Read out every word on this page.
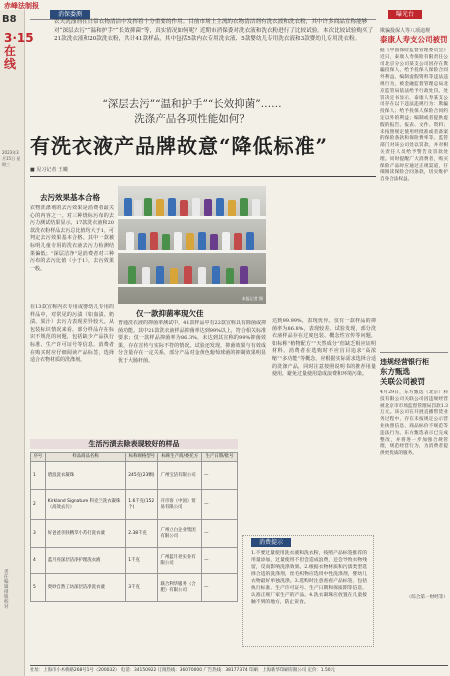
赤峰法制报
B8
3·15在线
2023年3月15日 星期三
责任编辑 排版 校对
消保委测
农夫洗涤剂在日常衣物清洁中发挥着十分重要的作用。目前市场上主流的衣物清洁剂有洗衣液和洗衣粉，其中许多商品宣称能够对“深层去污”“温和护手”“长效抑菌”等，真实情况如何呢？近期市消保委对洗衣液和洗衣粉进行了比较试验。本次比较试验购买了21款洗衣液和20款洗衣粉，共计41款样品，其中包括5款内衣专用洗衣液、5款婴幼儿专用洗衣液和3款婴幼儿专用洗衣粉。
“深层去污”“温和护手”“长效抑菌”……
洗涤产品各项性能如何？
有洗衣液产品牌故意“降低标准”
■ 见习记者 王曦
去污效果基本合格
农物洗涤剂的去污效果是消费者最关心的内容之一。对三种烧标污布的去污力测试结果显示，17款洗衣液和20款洗衣粉样品去污总比值均大于1，可判定去污效果基本合格。其中一款被标明儿童专用的洗衣液去污力检测结果偏低；“深层洁净”是消费者对三种污布的去污比值（小于1），去污效果一般。
在13款宣称内衣专用或婴幼儿专用的样品中，对常见的污渍（如血渍、奶渍、果汁）去污力表现差异较大。从包装标识情况来看，部分样品存在标识不规范的问题，包括缺少产品执行标准、生产许可证号等信息。消费者在购买时应仔细阅读产品标签，选择适合衣物材质的洗涤剂。
本报记者 摄
仅一款抑菌率现欠佳
普通洗衣液的抑菌率测试中，41款样品中有22款宣称具有除菌或抑菌功能。其中21款洗衣液样品抑菌率达到99%以上，符合相关标准要求；仅一款样品抑菌率为86.3%，未达到其宣称的99%抑菌效果，存在宣传与实际不符的情况。试验还发现，抑菌效果与有效成分含量存在一定关系，部分产品对金黄色葡萄球菌的抑制效果明显优于大肠杆菌。
达到99.99%，表现优异。仅有一款样品的抑菌率为86.8%，表现较差。试验发现，部分洗衣液样品存在过度包装、概念性宣传等问题，如标称“植物配方”“天然成分”但缺乏相应证明材料。消费者在选购时不应盲目追求“高浓缩”“多功能”等概念，应根据实际需求选择合适的洗涤产品，同时注意按照说明书的推荐用量使用，避免过量使用造成浪费和环境污染。
生活污渍去除表现较好的样品
序号	样品商品名称	标称规格型号	标称生产商/委托方	生产日期/批号
1	碧浪洗衣凝珠	245克(23颗)	广州宝洁有限公司	—
2	Kirkland Signature 科克兰洗衣凝珠（高效去污）	1.6千克(152个)	开市客（中国）贸易有限公司	—
3	好爸爸亲肤精萃小苏打洗衣液	2.38千克	广州立白企业集团有限公司	—
4	蓝月亮深层洁净护理洗衣液	1千克	广州蓝月亮实业有限公司	—
5	奥妙自然工坊深层洁净洗衣液	3千克	联合利华服务（合肥）有限公司	—
消费提示
1.不要过量使用洗衣液和洗衣粉，按照产品标签推荐的用量添加，过量使用不但会造成浪费，还会导致衣物残留，反而影响洗涤效果。2.根据衣物材质和污渍类型选择合适的洗涤剂，丝毛织物应选用中性洗涤剂，婴幼儿衣物最好单独洗涤。3.选购时注意查看产品标签，包括执行标准、生产许可证号、生产日期和保质期等信息，认准正规厂家生产的产品。4.洗衣凝珠应放置在儿童接触不到的地方，防止误食。
曝光台
欺骗投保人等八项违规
泰康人寿支公司被罚
据《中国保险监督管理委员会》近日，泰康人寿保险有限责任公司北京分公司某支公司因存在欺骗投保人、给予投保人保险合同外利益、编制虚假资料等违法违规行为，被金融监督管理总局北京监管局依法给予行政处罚。处罚决定书显示，泰康人寿某支公司存在以下违法违规行为：欺骗投保人；给予投保人保险合同约定以外的利益；编制或者提供虚假的报告、报表、文件、资料；未按照规定使用经批准或者备案的保险条款和保险费率等。监管部门对该公司处以罚款，并对相关责任人员给予警告及罚款处理。同时提醒广大消费者，购买保险产品时应通过正规渠道，仔细阅读保险合同条款，切实维护自身合法权益。
违规经营银行柜
东方甄选
关联公司被罚
4月29日，东方甄选（北京）科技有限公司关联公司因违规经营被北京市市场监督管理局罚款1.3万元。该公司在开展直播带货业务过程中，存在未按规定公示营业执照信息、商品标价不规范等违法行为。东方甄选表示已完成整改，并将进一步加强合规管理，规范经营行为，为消费者提供更优质的服务。
（综合第一财经等）
社址：上海市小木桥路268号1号（200032） 电话：34150922 订阅热线：36070000 广告热线：38177374 印刷：上海新华印刷有限公司 定价：1.50元
